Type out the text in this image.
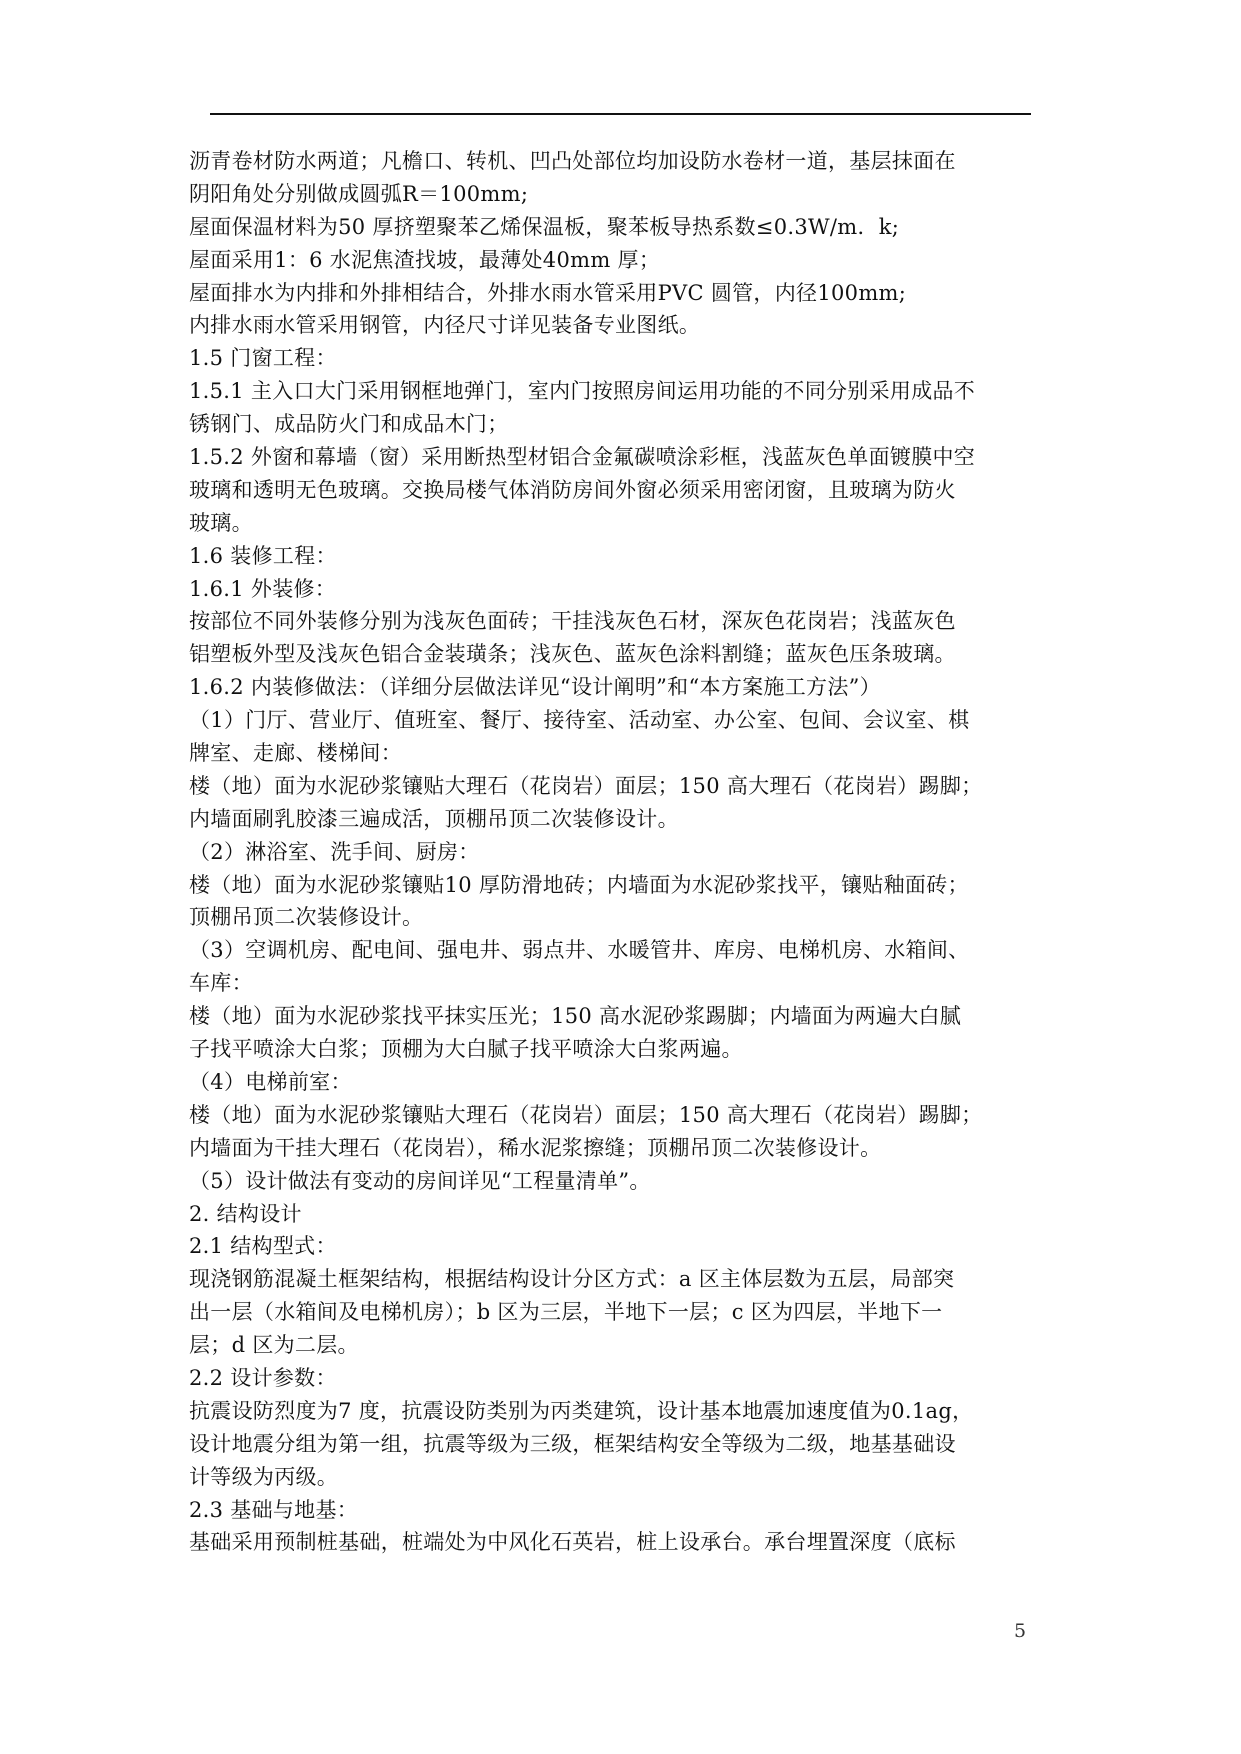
沥青卷材防水两道；凡檐口、转机、凹凸处部位均加设防水卷材一道，基层抹面在
阴阳角处分别做成圆弧R＝100mm;
屋面保温材料为50 厚挤塑聚苯乙烯保温板，聚苯板导热系数≤0.3W/m．k;
屋面采用1：6 水泥焦渣找坡，最薄处40mm 厚；
屋面排水为内排和外排相结合，外排水雨水管采用PVC 圆管，内径100mm;
内排水雨水管采用钢管，内径尺寸详见装备专业图纸。
1.5 门窗工程：
1.5.1 主入口大门采用钢框地弹门，室内门按照房间运用功能的不同分别采用成品不
锈钢门、成品防火门和成品木门；
1.5.2 外窗和幕墙（窗）采用断热型材铝合金氟碳喷涂彩框，浅蓝灰色单面镀膜中空
玻璃和透明无色玻璃。交换局楼气体消防房间外窗必须采用密闭窗，且玻璃为防火
玻璃。
1.6 装修工程：
1.6.1 外装修：
按部位不同外装修分别为浅灰色面砖；干挂浅灰色石材，深灰色花岗岩；浅蓝灰色
铝塑板外型及浅灰色铝合金装璜条；浅灰色、蓝灰色涂料割缝；蓝灰色压条玻璃。
1.6.2 内装修做法：（详细分层做法详见“设计阐明”和“本方案施工方法”）
（1）门厅、营业厅、值班室、餐厅、接待室、活动室、办公室、包间、会议室、棋
牌室、走廊、楼梯间：
楼（地）面为水泥砂浆镶贴大理石（花岗岩）面层；150 高大理石（花岗岩）踢脚；
内墙面刷乳胶漆三遍成活，顶棚吊顶二次装修设计。
（2）淋浴室、洗手间、厨房：
楼（地）面为水泥砂浆镶贴10 厚防滑地砖；内墙面为水泥砂浆找平，镶贴釉面砖；
顶棚吊顶二次装修设计。
（3）空调机房、配电间、强电井、弱点井、水暖管井、库房、电梯机房、水箱间、
车库：
楼（地）面为水泥砂浆找平抹实压光；150 高水泥砂浆踢脚；内墙面为两遍大白腻
子找平喷涂大白浆；顶棚为大白腻子找平喷涂大白浆两遍。
（4）电梯前室：
楼（地）面为水泥砂浆镶贴大理石（花岗岩）面层；150 高大理石（花岗岩）踢脚；
内墙面为干挂大理石（花岗岩），稀水泥浆擦缝；顶棚吊顶二次装修设计。
（5）设计做法有变动的房间详见“工程量清单”。
2. 结构设计
2.1 结构型式：
现浇钢筋混凝土框架结构，根据结构设计分区方式：a 区主体层数为五层，局部突
出一层（水箱间及电梯机房）；b 区为三层，半地下一层；c 区为四层，半地下一
层；d 区为二层。
2.2 设计参数：
抗震设防烈度为7 度，抗震设防类别为丙类建筑，设计基本地震加速度值为0.1ag，
设计地震分组为第一组，抗震等级为三级，框架结构安全等级为二级，地基基础设
计等级为丙级。
2.3 基础与地基：
基础采用预制桩基础，桩端处为中风化石英岩，桩上设承台。承台埋置深度（底标
5
